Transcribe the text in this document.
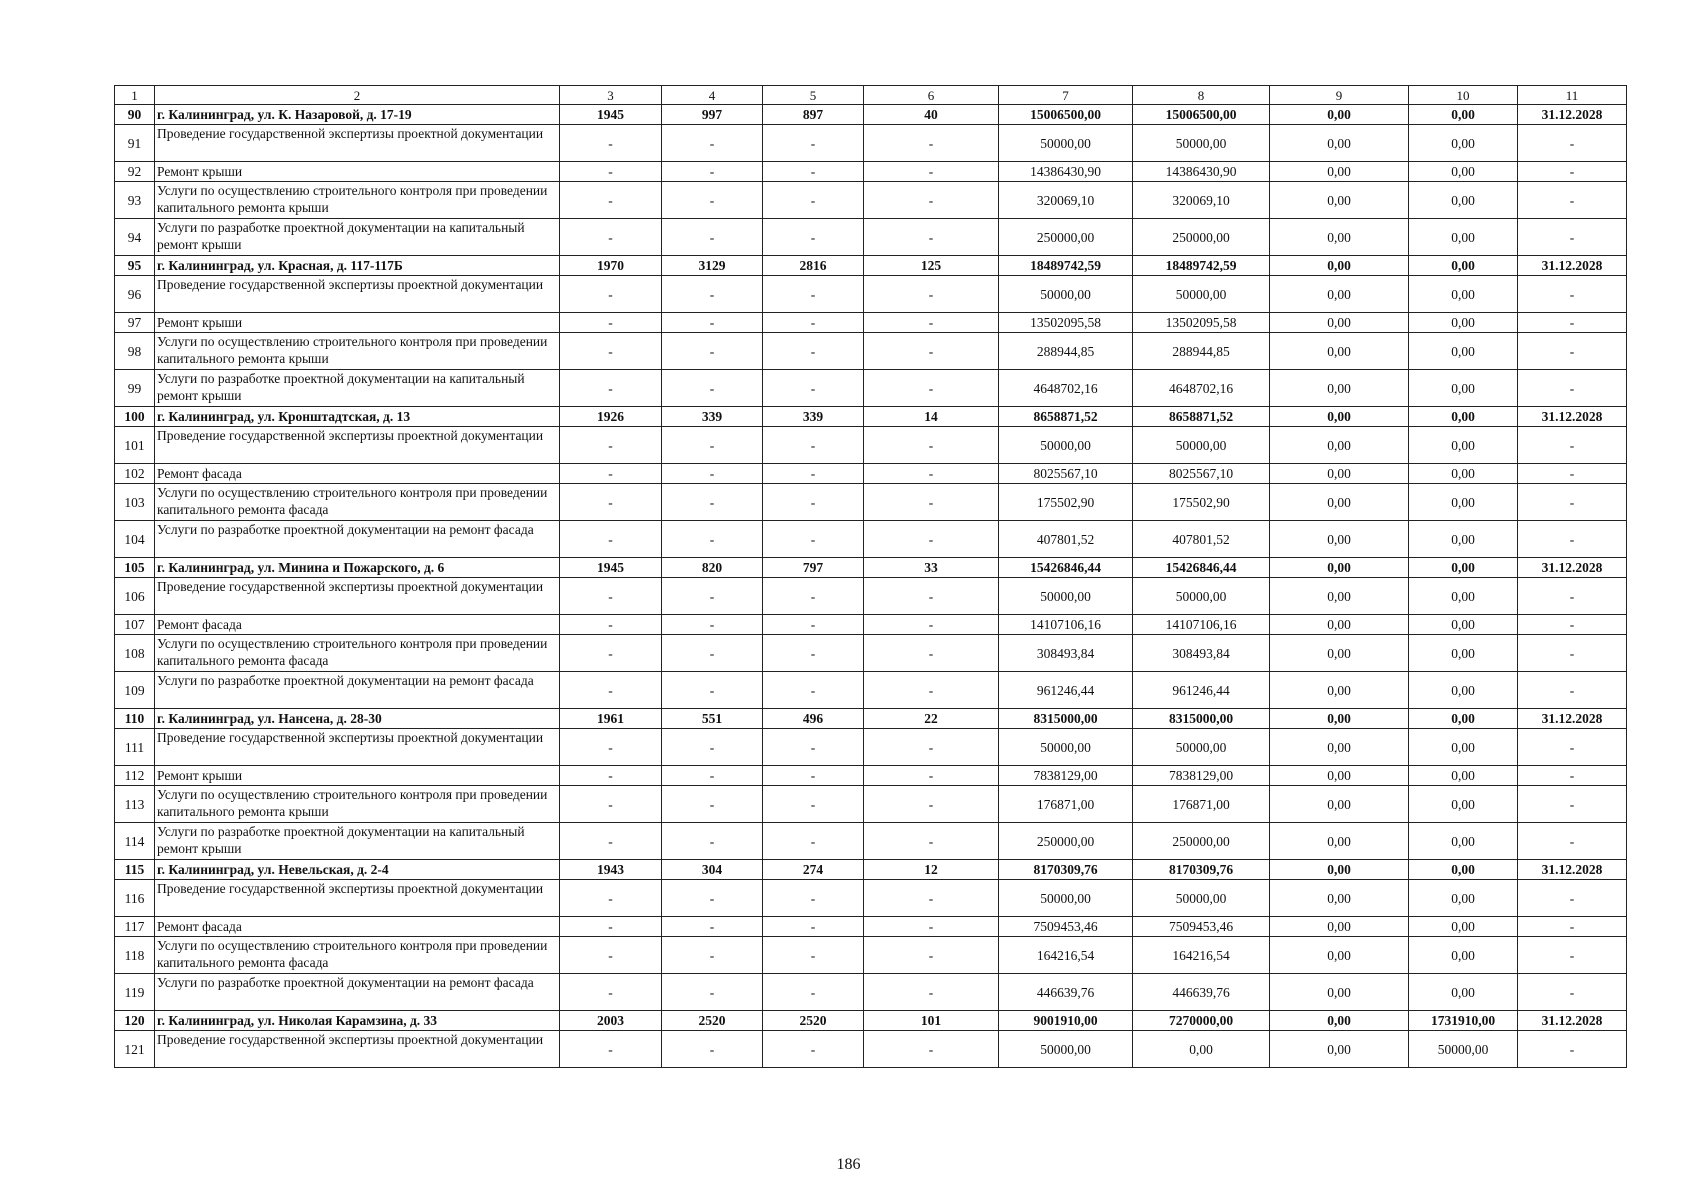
1	2	3	4	5	6	7	8	9	10	11
90	г. Калининград, ул. К. Назаровой, д. 17-19	1945	997	897	40	15006500,00	15006500,00	0,00	0,00	31.12.2028
91	Проведение государственной экспертизы проектной документации	-	-	-	-	50000,00	50000,00	0,00	0,00	-
92	Ремонт крыши	-	-	-	-	14386430,90	14386430,90	0,00	0,00	-
93	Услуги по осуществлению строительного контроля при проведении капитального ремонта крыши	-	-	-	-	320069,10	320069,10	0,00	0,00	-
94	Услуги по разработке проектной документации на капитальный ремонт крыши	-	-	-	-	250000,00	250000,00	0,00	0,00	-
95	г. Калининград, ул. Красная, д. 117-117Б	1970	3129	2816	125	18489742,59	18489742,59	0,00	0,00	31.12.2028
96	Проведение государственной экспертизы проектной документации	-	-	-	-	50000,00	50000,00	0,00	0,00	-
97	Ремонт крыши	-	-	-	-	13502095,58	13502095,58	0,00	0,00	-
98	Услуги по осуществлению строительного контроля при проведении капитального ремонта крыши	-	-	-	-	288944,85	288944,85	0,00	0,00	-
99	Услуги по разработке проектной документации на капитальный ремонт крыши	-	-	-	-	4648702,16	4648702,16	0,00	0,00	-
100	г. Калининград, ул. Кронштадтская, д. 13	1926	339	339	14	8658871,52	8658871,52	0,00	0,00	31.12.2028
101	Проведение государственной экспертизы проектной документации	-	-	-	-	50000,00	50000,00	0,00	0,00	-
102	Ремонт фасада	-	-	-	-	8025567,10	8025567,10	0,00	0,00	-
103	Услуги по осуществлению строительного контроля при проведении капитального ремонта фасада	-	-	-	-	175502,90	175502,90	0,00	0,00	-
104	Услуги по разработке проектной документации на ремонт фасада	-	-	-	-	407801,52	407801,52	0,00	0,00	-
105	г. Калининград, ул. Минина и Пожарского, д. 6	1945	820	797	33	15426846,44	15426846,44	0,00	0,00	31.12.2028
106	Проведение государственной экспертизы проектной документации	-	-	-	-	50000,00	50000,00	0,00	0,00	-
107	Ремонт фасада	-	-	-	-	14107106,16	14107106,16	0,00	0,00	-
108	Услуги по осуществлению строительного контроля при проведении капитального ремонта фасада	-	-	-	-	308493,84	308493,84	0,00	0,00	-
109	Услуги по разработке проектной документации на ремонт фасада	-	-	-	-	961246,44	961246,44	0,00	0,00	-
110	г. Калининград, ул. Нансена, д. 28-30	1961	551	496	22	8315000,00	8315000,00	0,00	0,00	31.12.2028
111	Проведение государственной экспертизы проектной документации	-	-	-	-	50000,00	50000,00	0,00	0,00	-
112	Ремонт крыши	-	-	-	-	7838129,00	7838129,00	0,00	0,00	-
113	Услуги по осуществлению строительного контроля при проведении капитального ремонта крыши	-	-	-	-	176871,00	176871,00	0,00	0,00	-
114	Услуги по разработке проектной документации на капитальный ремонт крыши	-	-	-	-	250000,00	250000,00	0,00	0,00	-
115	г. Калининград, ул. Невельская, д. 2-4	1943	304	274	12	8170309,76	8170309,76	0,00	0,00	31.12.2028
116	Проведение государственной экспертизы проектной документации	-	-	-	-	50000,00	50000,00	0,00	0,00	-
117	Ремонт фасада	-	-	-	-	7509453,46	7509453,46	0,00	0,00	-
118	Услуги по осуществлению строительного контроля при проведении капитального ремонта фасада	-	-	-	-	164216,54	164216,54	0,00	0,00	-
119	Услуги по разработке проектной документации на ремонт фасада	-	-	-	-	446639,76	446639,76	0,00	0,00	-
120	г. Калининград, ул. Николая Карамзина, д. 33	2003	2520	2520	101	9001910,00	7270000,00	0,00	1731910,00	31.12.2028
121	Проведение государственной экспертизы проектной документации	-	-	-	-	50000,00	0,00	0,00	50000,00	-
186
